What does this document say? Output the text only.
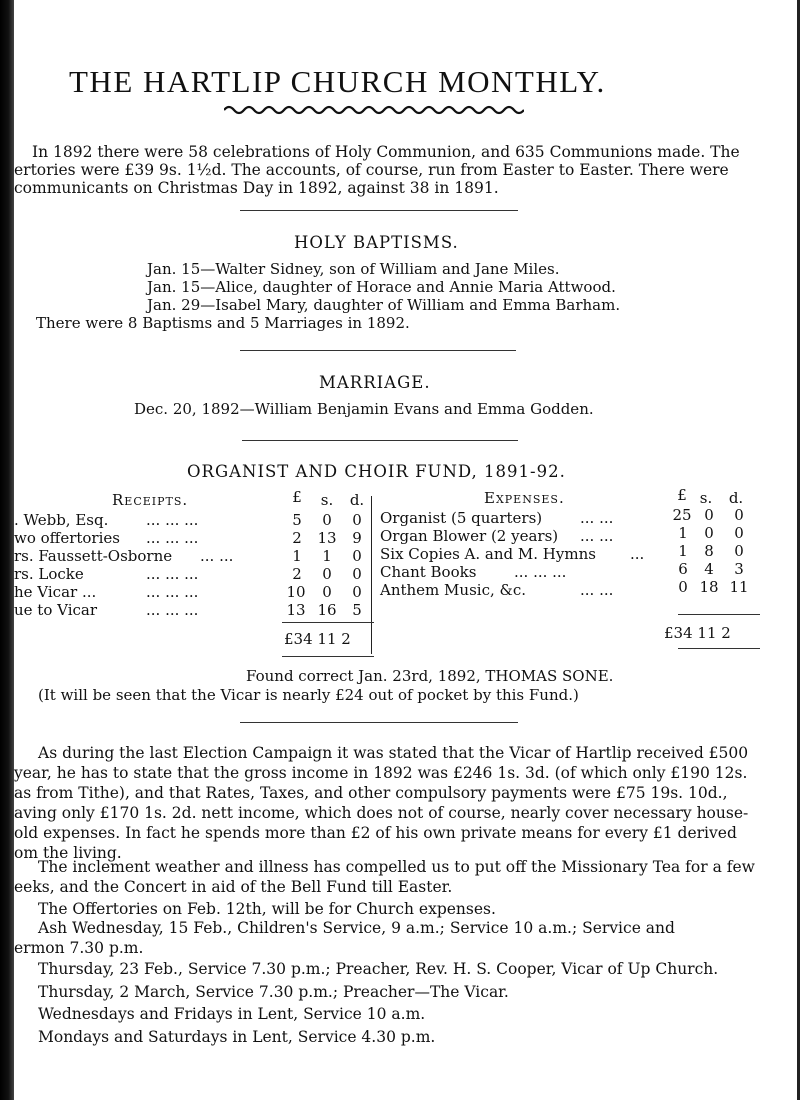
THE HARTLIP CHURCH MONTHLY.

In 1892 there were 58 celebrations of Holy Communion, and 635 Communions made. The

ertories were £39 9s. 1½d. The accounts, of course, run from Easter to Easter. There were

communicants on Christmas Day in 1892, against 38 in 1891.

HOLY BAPTISMS.
Jan. 15—Walter Sidney, son of William and Jane Miles.
Jan. 15—Alice, daughter of Horace and Annie Maria Attwood.
Jan. 29—Isabel Mary, daughter of William and Emma Barham.
There were 8 Baptisms and 5 Marriages in 1892.
MARRIAGE.
Dec. 20, 1892—William Benjamin Evans and Emma Godden.
ORGANIST AND CHOIR FUND, 1891-92.
Receipts.	£	s.	d.	Expenses.	£ s.	d.
. Webb, Esq.	... ... ...	5	0	0
wo offertories ... ... ...	2	13	9
rs. Faussett-Osborne ... ...	1	1	0
rs. Locke	... ... ...	2	0	0
he Vicar ...	... ... ...	10	0	0
ue to Vicar	... ... ...	13 16	5
£34 11 2
Organist (5 quarters)	... ...	25 0	0
Organ Blower (2 years) ... ...	1	0	0
Six Copies A. and M. Hymns ...	1	8	0
Chant Books	... ... ...	6	4	3
Anthem Music, &c.	... ...	0 18 11
£34 11 2
Found correct Jan. 23rd, 1892, THOMAS SONE.
(It will be seen that the Vicar is nearly £24 out of pocket by this Fund.)

As during the last Election Campaign it was stated that the Vicar of Hartlip received £500

year, he has to state that the gross income in 1892 was £246 1s. 3d. (of which only £190 12s.

as from Tithe), and that Rates, Taxes, and other compulsory payments were £75 19s. 10d.,

aving only £170 1s. 2d. nett income, which does not of course, nearly cover necessary house-

old expenses. In fact he spends more than £2 of his own private means for every £1 derived

om the living.

The inclement weather and illness has compelled us to put off the Missionary Tea for a few

eeks, and the Concert in aid of the Bell Fund till Easter.

The Offertories on Feb. 12th, will be for Church expenses.

Ash Wednesday, 15 Feb., Children's Service, 9 a.m.; Service 10 a.m.; Service and

ermon 7.30 p.m.

Thursday, 23 Feb., Service 7.30 p.m.; Preacher, Rev. H. S. Cooper, Vicar of Up Church.

Thursday, 2 March, Service 7.30 p.m.; Preacher—The Vicar.

Wednesdays and Fridays in Lent, Service 10 a.m.

Mondays and Saturdays in Lent, Service 4.30 p.m.
